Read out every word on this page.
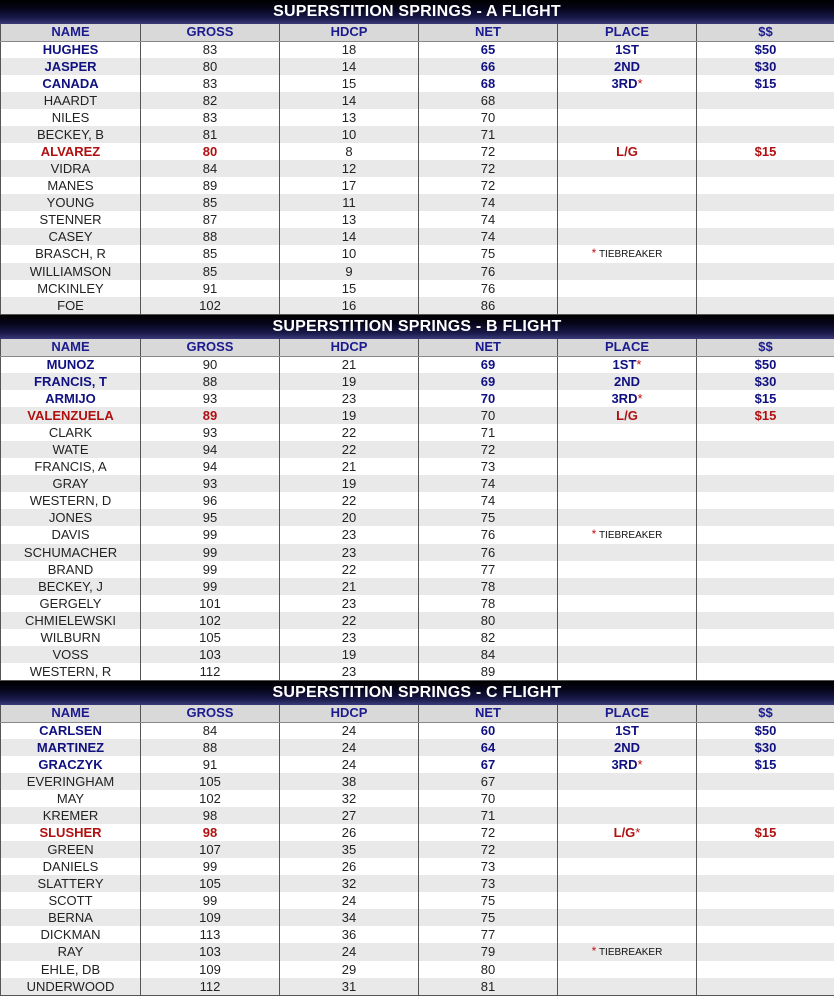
SUPERSTITION SPRINGS - A FLIGHT
NAME	GROSS	HDCP	NET	PLACE	$$
HUGHES	83	18	65	1ST	$50
JASPER	80	14	66	2ND	$30
CANADA	83	15	68	3RD*	$15
HAARDT	82	14	68		
NILES	83	13	70		
BECKEY, B	81	10	71		
ALVAREZ	80	8	72	L/G	$15
VIDRA	84	12	72		
MANES	89	17	72		
YOUNG	85	11	74		
STENNER	87	13	74		
CASEY	88	14	74		
BRASCH, R	85	10	75	* TIEBREAKER	
WILLIAMSON	85	9	76		
MCKINLEY	91	15	76		
FOE	102	16	86		
SUPERSTITION SPRINGS - B FLIGHT
NAME	GROSS	HDCP	NET	PLACE	$$
MUNOZ	90	21	69	1ST*	$50
FRANCIS, T	88	19	69	2ND	$30
ARMIJO	93	23	70	3RD*	$15
VALENZUELA	89	19	70	L/G	$15
CLARK	93	22	71		
WATE	94	22	72		
FRANCIS, A	94	21	73		
GRAY	93	19	74		
WESTERN, D	96	22	74		
JONES	95	20	75		
DAVIS	99	23	76	* TIEBREAKER	
SCHUMACHER	99	23	76		
BRAND	99	22	77		
BECKEY, J	99	21	78		
GERGELY	101	23	78		
CHMIELEWSKI	102	22	80		
WILBURN	105	23	82		
VOSS	103	19	84		
WESTERN, R	112	23	89		
SUPERSTITION SPRINGS - C FLIGHT
NAME	GROSS	HDCP	NET	PLACE	$$
CARLSEN	84	24	60	1ST	$50
MARTINEZ	88	24	64	2ND	$30
GRACZYK	91	24	67	3RD*	$15
EVERINGHAM	105	38	67		
MAY	102	32	70		
KREMER	98	27	71		
SLUSHER	98	26	72	L/G*	$15
GREEN	107	35	72		
DANIELS	99	26	73		
SLATTERY	105	32	73		
SCOTT	99	24	75		
BERNA	109	34	75		
DICKMAN	113	36	77		
RAY	103	24	79	* TIEBREAKER	
EHLE, DB	109	29	80		
UNDERWOOD	112	31	81		
